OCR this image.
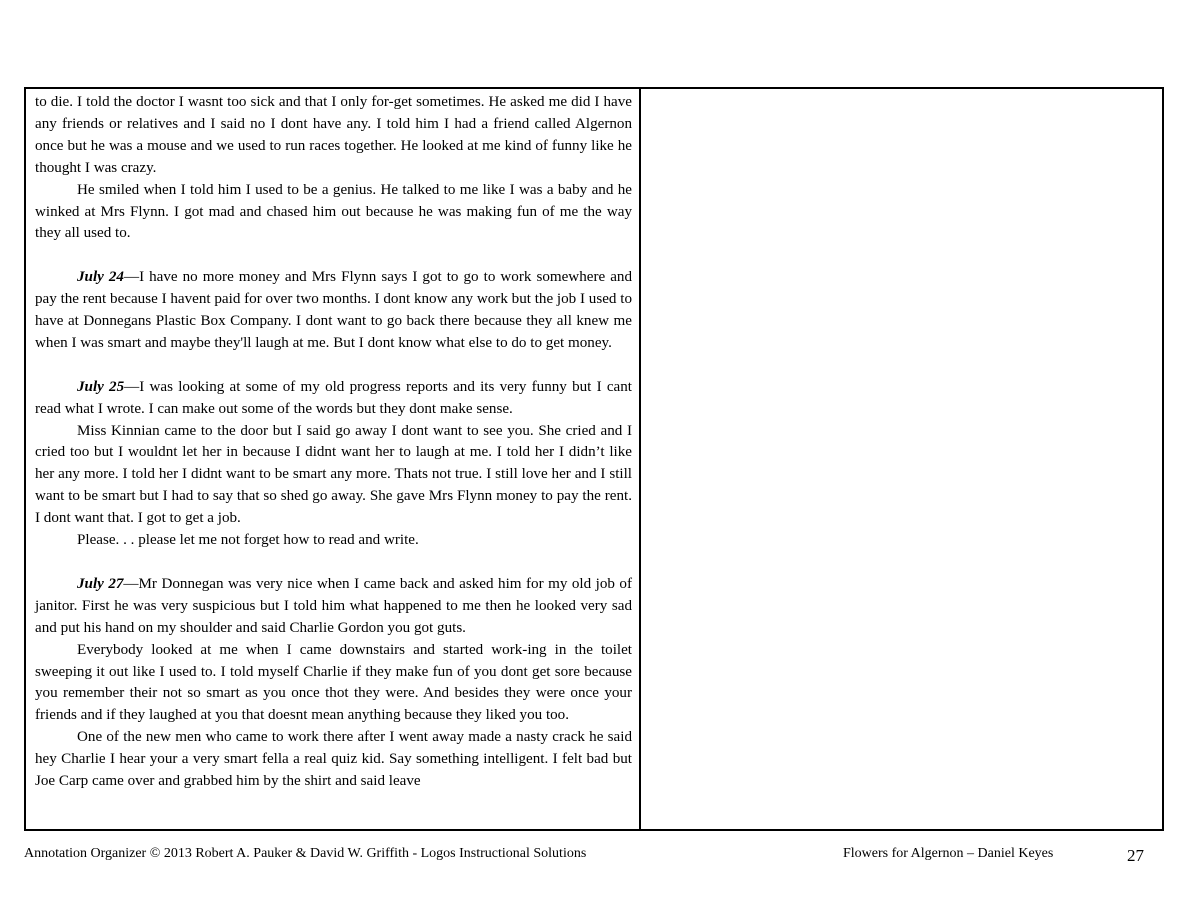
to die. I told the doctor I wasnt too sick and that I only for-get sometimes. He asked me did I have any friends or relatives and I said no I dont have any. I told him I had a friend called Algernon once but he was a mouse and we used to run races together. He looked at me kind of funny like he thought I was crazy.

He smiled when I told him I used to be a genius. He talked to me like I was a baby and he winked at Mrs Flynn. I got mad and chased him out because he was making fun of me the way they all used to.

July 24—I have no more money and Mrs Flynn says I got to go to work somewhere and pay the rent because I havent paid for over two months. I dont know any work but the job I used to have at Donnegans Plastic Box Company. I dont want to go back there because they all knew me when I was smart and maybe they'll laugh at me. But I dont know what else to do to get money.

July 25—I was looking at some of my old progress reports and its very funny but I cant read what I wrote. I can make out some of the words but they dont make sense.

Miss Kinnian came to the door but I said go away I dont want to see you. She cried and I cried too but I wouldnt let her in because I didnt want her to laugh at me. I told her I didn’t like her any more. I told her I didnt want to be smart any more. Thats not true. I still love her and I still want to be smart but I had to say that so shed go away. She gave Mrs Flynn money to pay the rent. I dont want that. I got to get a job.

Please. . . please let me not forget how to read and write.

July 27—Mr Donnegan was very nice when I came back and asked him for my old job of janitor. First he was very suspicious but I told him what happened to me then he looked very sad and put his hand on my shoulder and said Charlie Gordon you got guts.

Everybody looked at me when I came downstairs and started work-ing in the toilet sweeping it out like I used to. I told myself Charlie if they make fun of you dont get sore because you remember their not so smart as you once thot they were. And besides they were once your friends and if they laughed at you that doesnt mean anything because they liked you too.

One of the new men who came to work there after I went away made a nasty crack he said hey Charlie I hear your a very smart fella a real quiz kid. Say something intelligent. I felt bad but Joe Carp came over and grabbed him by the shirt and said leave

Annotation Organizer © 2013 Robert A. Pauker & David W. Griffith - Logos Instructional Solutions	Flowers for Algernon – Daniel Keyes	27
